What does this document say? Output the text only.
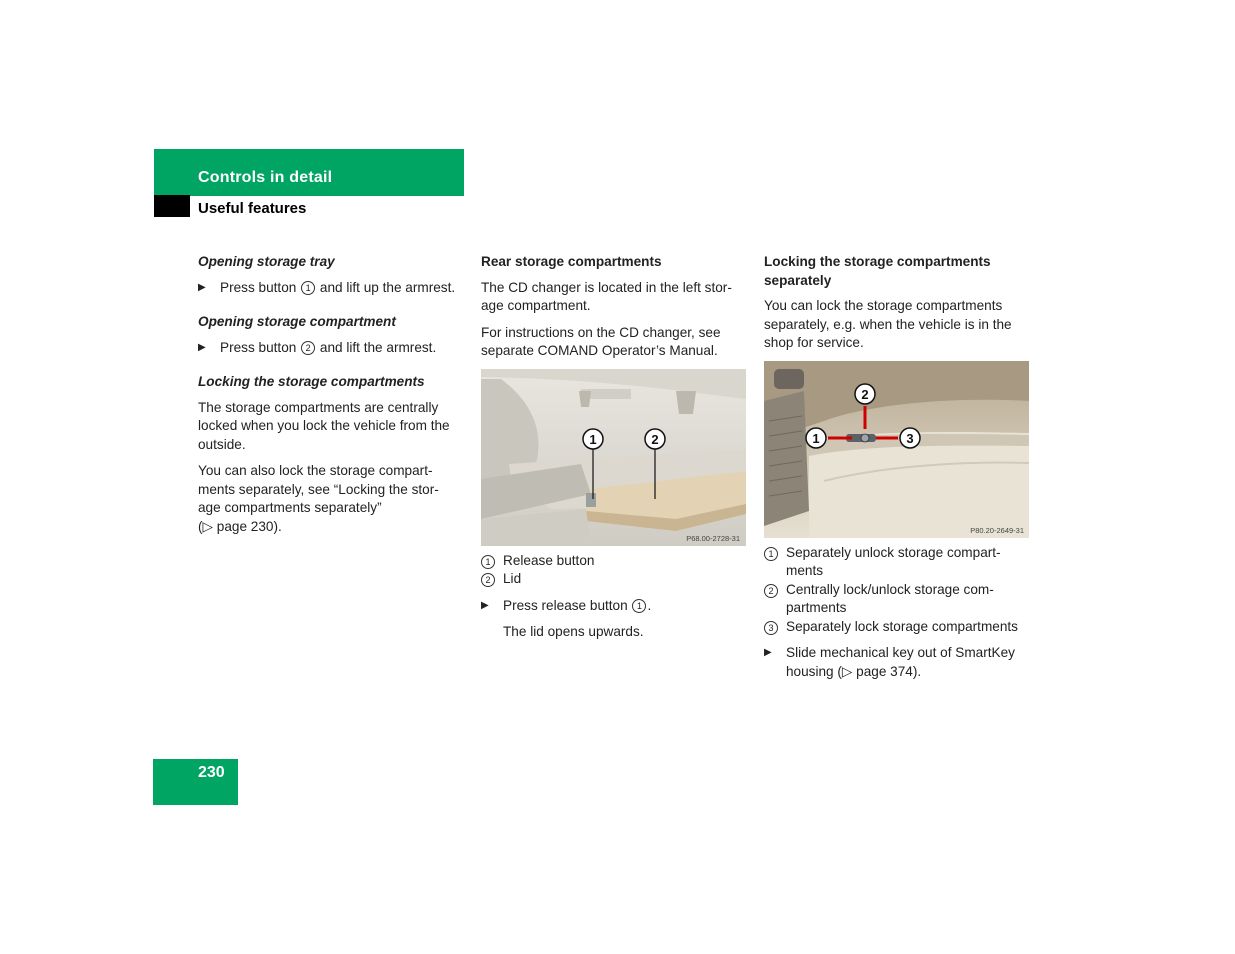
Controls in detail
Useful features
Opening storage tray
▶ Press button 1 and lift up the armrest.
Opening storage compartment
▶ Press button 2 and lift the armrest.
Locking the storage compartments

The storage compartments are centrally locked when you lock the vehicle from the outside.

You can also lock the storage compart-
ments separately, see “Locking the stor-
age compartments separately”
(▷ page 230).

Rear storage compartments

The CD changer is located in the left stor-
age compartment.

For instructions on the CD changer, see separate COMAND Operator’s Manual.

1	2
P68.00-2728-31
1 Release button
2 Lid
▶ Press release button 1 .

The lid opens upwards.

Locking the storage compartments
separately

You can lock the storage compartments separately, e.g. when the vehicle is in the shop for service.

2
1	3
P80.20-2649-31
1 Separately unlock storage compart-
ments
2 Centrally lock/unlock storage com-
partments
3 Separately lock storage compartments
▶ Slide mechanical key out of SmartKey
housing (▷ page 374).
230
